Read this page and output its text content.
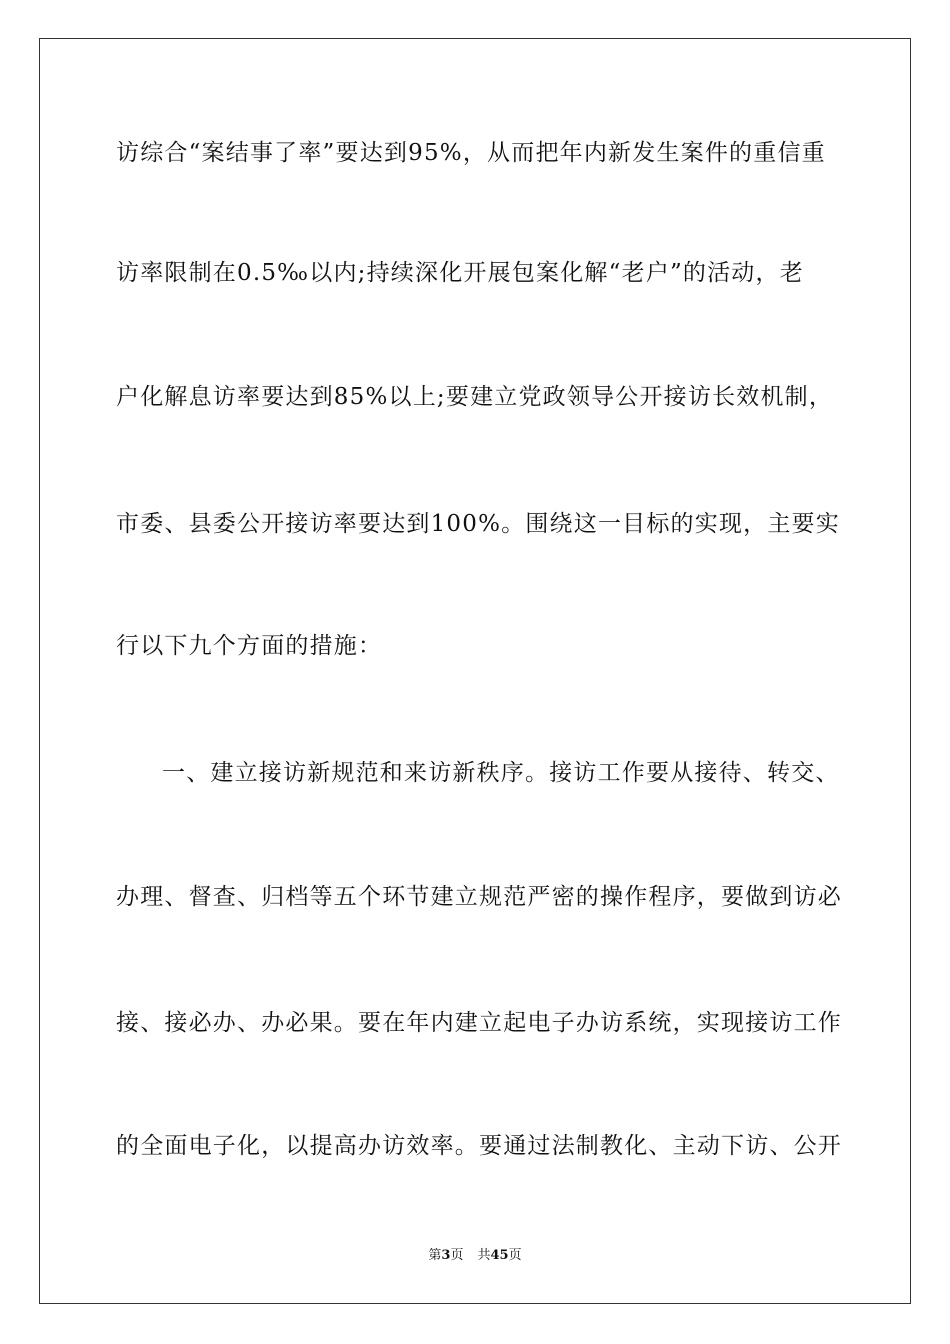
访综合“案结事了率”要达到95%，从而把年内新发生案件的重信重
访率限制在0.5‰以内;持续深化开展包案化解“老户”的活动，老
户化解息访率要达到85%以上;要建立党政领导公开接访长效机制，
市委、县委公开接访率要达到100%。围绕这一目标的实现，主要实
行以下九个方面的措施：
一、建立接访新规范和来访新秩序。接访工作要从接待、转交、
办理、督查、归档等五个环节建立规范严密的操作程序，要做到访必
接、接必办、办必果。要在年内建立起电子办访系统，实现接访工作
的全面电子化，以提高办访效率。要通过法制教化、主动下访、公开
第3页 共45页
